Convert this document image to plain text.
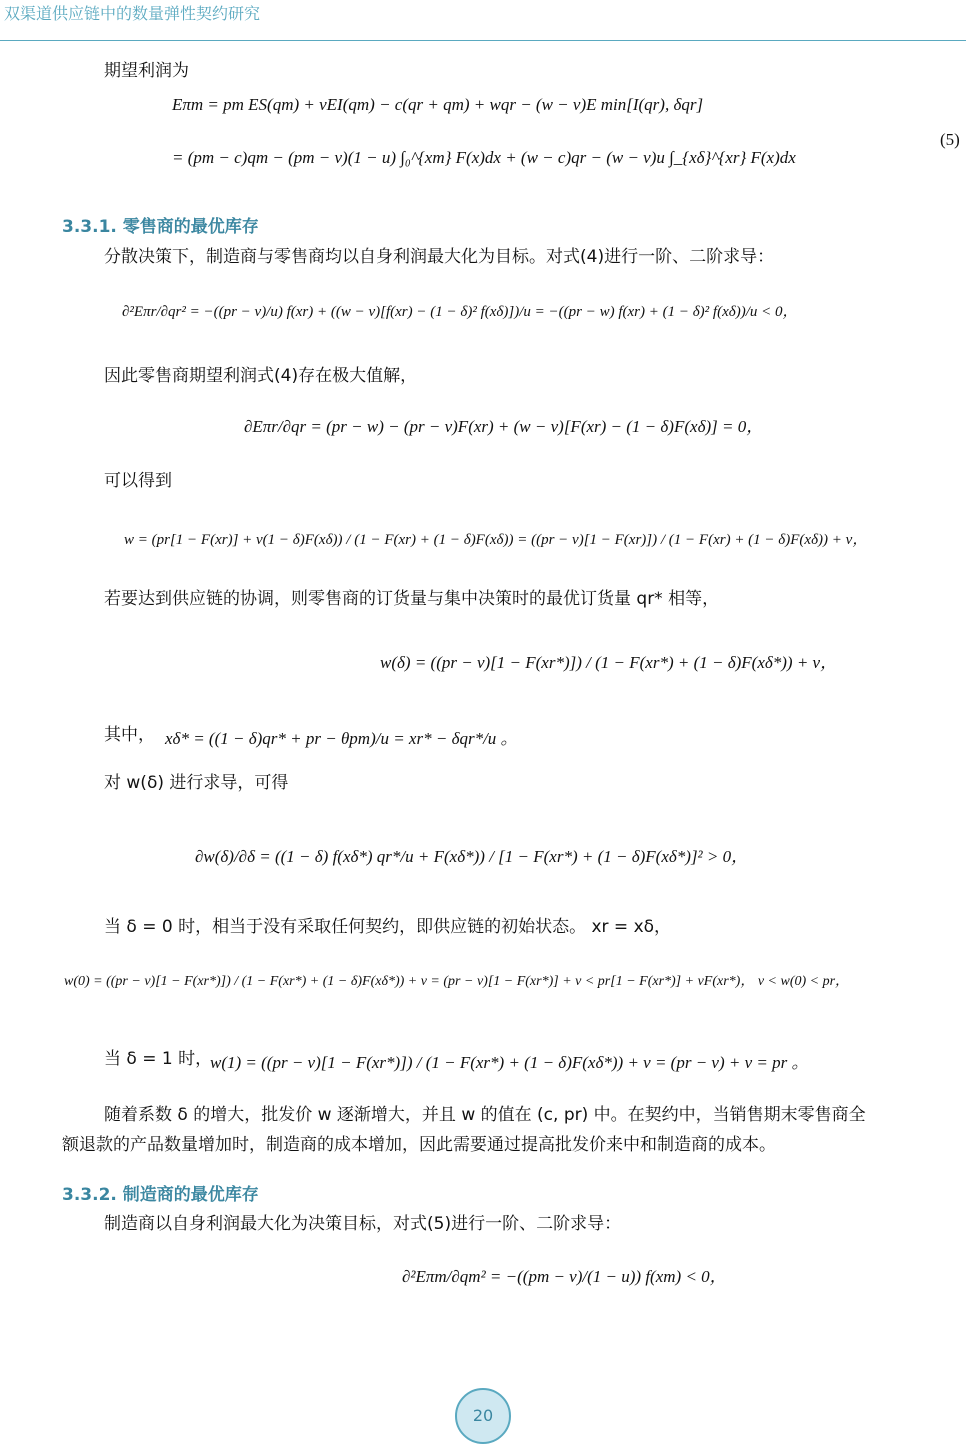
双渠道供应链中的数量弹性契约研究
期望利润为
Eπm = pm ES(qm) + vEI(qm) − c(qr + qm) + wqr − (w − v)E min[I(qr), δqr]
= (pm − c)qm − (pm − v)(1 − u) ∫₀^{xm} F(x)dx + (w − c)qr − (w − v)u ∫_{xδ}^{xr} F(x)dx
(5)
3.3.1. 零售商的最优库存
分散决策下，制造商与零售商均以自身利润最大化为目标。对式(4)进行一阶、二阶求导：
∂²Eπr/∂qr² = −((pr − v)/u) f(xr) + ((w − v)[f(xr) − (1 − δ)² f(xδ)])/u = −((pr − w) f(xr) + (1 − δ)² f(xδ))/u < 0，
因此零售商期望利润式(4)存在极大值解，
∂Eπr/∂qr = (pr − w) − (pr − v)F(xr) + (w − v)[F(xr) − (1 − δ)F(xδ)] = 0，
可以得到
w = (pr[1 − F(xr)] + v(1 − δ)F(xδ)) / (1 − F(xr) + (1 − δ)F(xδ)) = ((pr − v)[1 − F(xr)]) / (1 − F(xr) + (1 − δ)F(xδ)) + v，
若要达到供应链的协调，则零售商的订货量与集中决策时的最优订货量 qr* 相等，
w(δ) = ((pr − v)[1 − F(xr*)]) / (1 − F(xr*) + (1 − δ)F(xδ*)) + v，
其中， xδ* = ((1 − δ)qr* + pr − θpm)/u = xr* − δqr*/u 。
对 w(δ) 进行求导，可得
∂w(δ)/∂δ = ((1 − δ) f(xδ*) qr*/u + F(xδ*)) / [1 − F(xr*) + (1 − δ)F(xδ*)]² > 0，
当 δ = 0 时，相当于没有采取任何契约，即供应链的初始状态。 xr = xδ，
w(0) = ((pr − v)[1 − F(xr*)]) / (1 − F(xr*) + (1 − δ)F(xδ*)) + v = (pr − v)[1 − F(xr*)] + v < pr[1 − F(xr*)] + vF(xr*)， v < w(0) < pr，
当 δ = 1 时，
w(1) = ((pr − v)[1 − F(xr*)]) / (1 − F(xr*) + (1 − δ)F(xδ*)) + v = (pr − v) + v = pr 。
随着系数 δ 的增大，批发价 w 逐渐增大，并且 w 的值在 (c, pr) 中。在契约中，当销售期末零售商全
额退款的产品数量增加时，制造商的成本增加，因此需要通过提高批发价来中和制造商的成本。
3.3.2. 制造商的最优库存
制造商以自身利润最大化为决策目标，对式(5)进行一阶、二阶求导：
∂²Eπm/∂qm² = −((pm − v)/(1 − u)) f(xm) < 0，
20
